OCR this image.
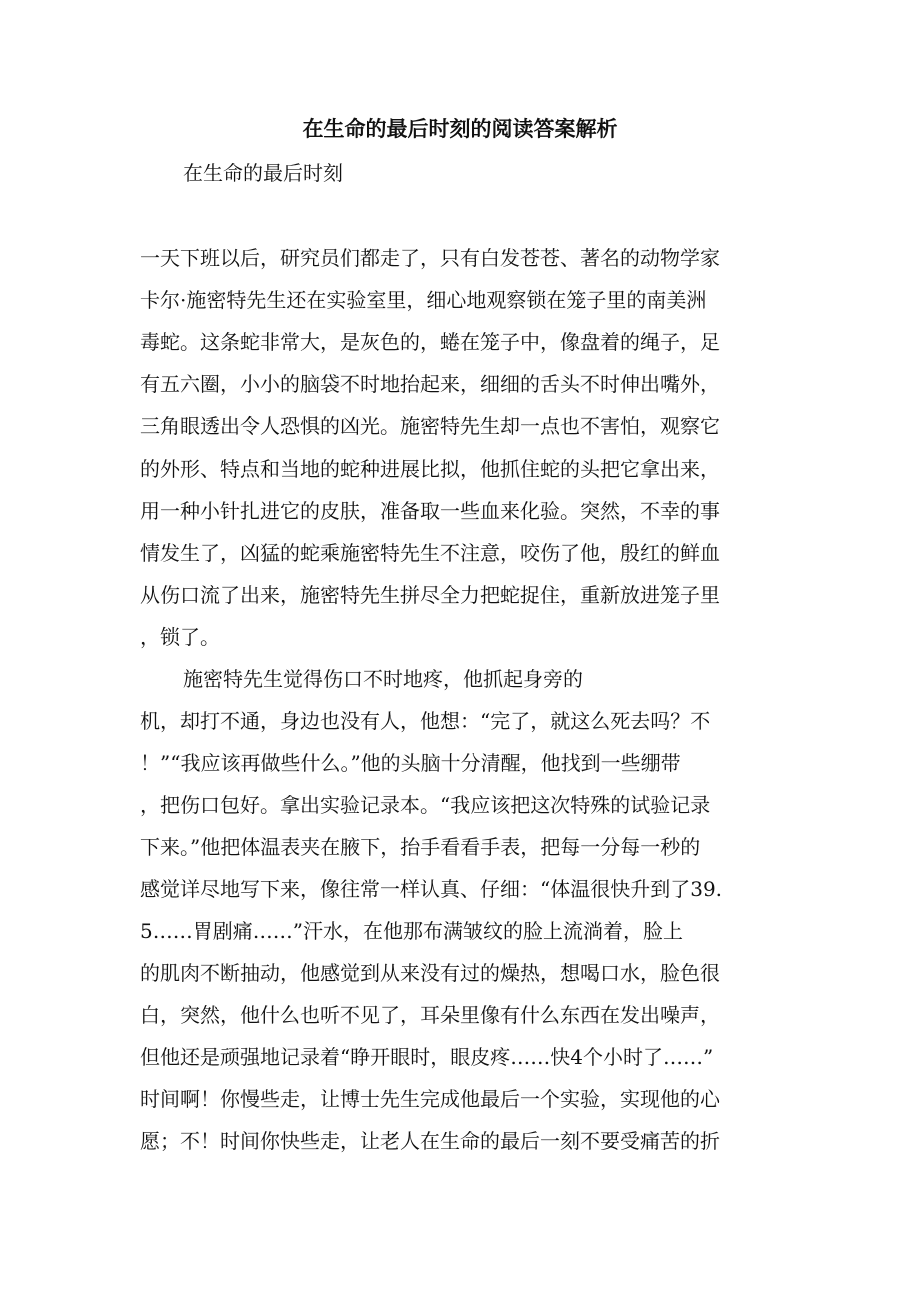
在生命的最后时刻的阅读答案解析
在生命的最后时刻
一天下班以后，研究员们都走了，只有白发苍苍、著名的动物学家
卡尔·施密特先生还在实验室里，细心地观察锁在笼子里的南美洲
毒蛇。这条蛇非常大，是灰色的，蜷在笼子中，像盘着的绳子，足
有五六圈，小小的脑袋不时地抬起来，细细的舌头不时伸出嘴外，
三角眼透出令人恐惧的凶光。施密特先生却一点也不害怕，观察它
的外形、特点和当地的蛇种进展比拟，他抓住蛇的头把它拿出来，
用一种小针扎进它的皮肤，准备取一些血来化验。突然，不幸的事
情发生了，凶猛的蛇乘施密特先生不注意，咬伤了他，殷红的鲜血
从伤口流了出来，施密特先生拼尽全力把蛇捉住，重新放进笼子里
，锁了。
施密特先生觉得伤口不时地疼，他抓起身旁的
机，却打不通，身边也没有人，他想：“完了，就这么死去吗？不
！”“我应该再做些什么。”他的头脑十分清醒，他找到一些绷带
，把伤口包好。拿出实验记录本。“我应该把这次特殊的试验记录
下来。”他把体温表夹在腋下，抬手看看手表，把每一分每一秒的
感觉详尽地写下来，像往常一样认真、仔细：“体温很快升到了39.
5……胃剧痛……”汗水，在他那布满皱纹的脸上流淌着，脸上
的肌肉不断抽动，他感觉到从来没有过的燥热，想喝口水，脸色很
白，突然，他什么也听不见了，耳朵里像有什么东西在发出噪声，
但他还是顽强地记录着“睁开眼时，眼皮疼……快4个小时了……”
时间啊！你慢些走，让博士先生完成他最后一个实验，实现他的心
愿；不！时间你快些走，让老人在生命的最后一刻不要受痛苦的折
